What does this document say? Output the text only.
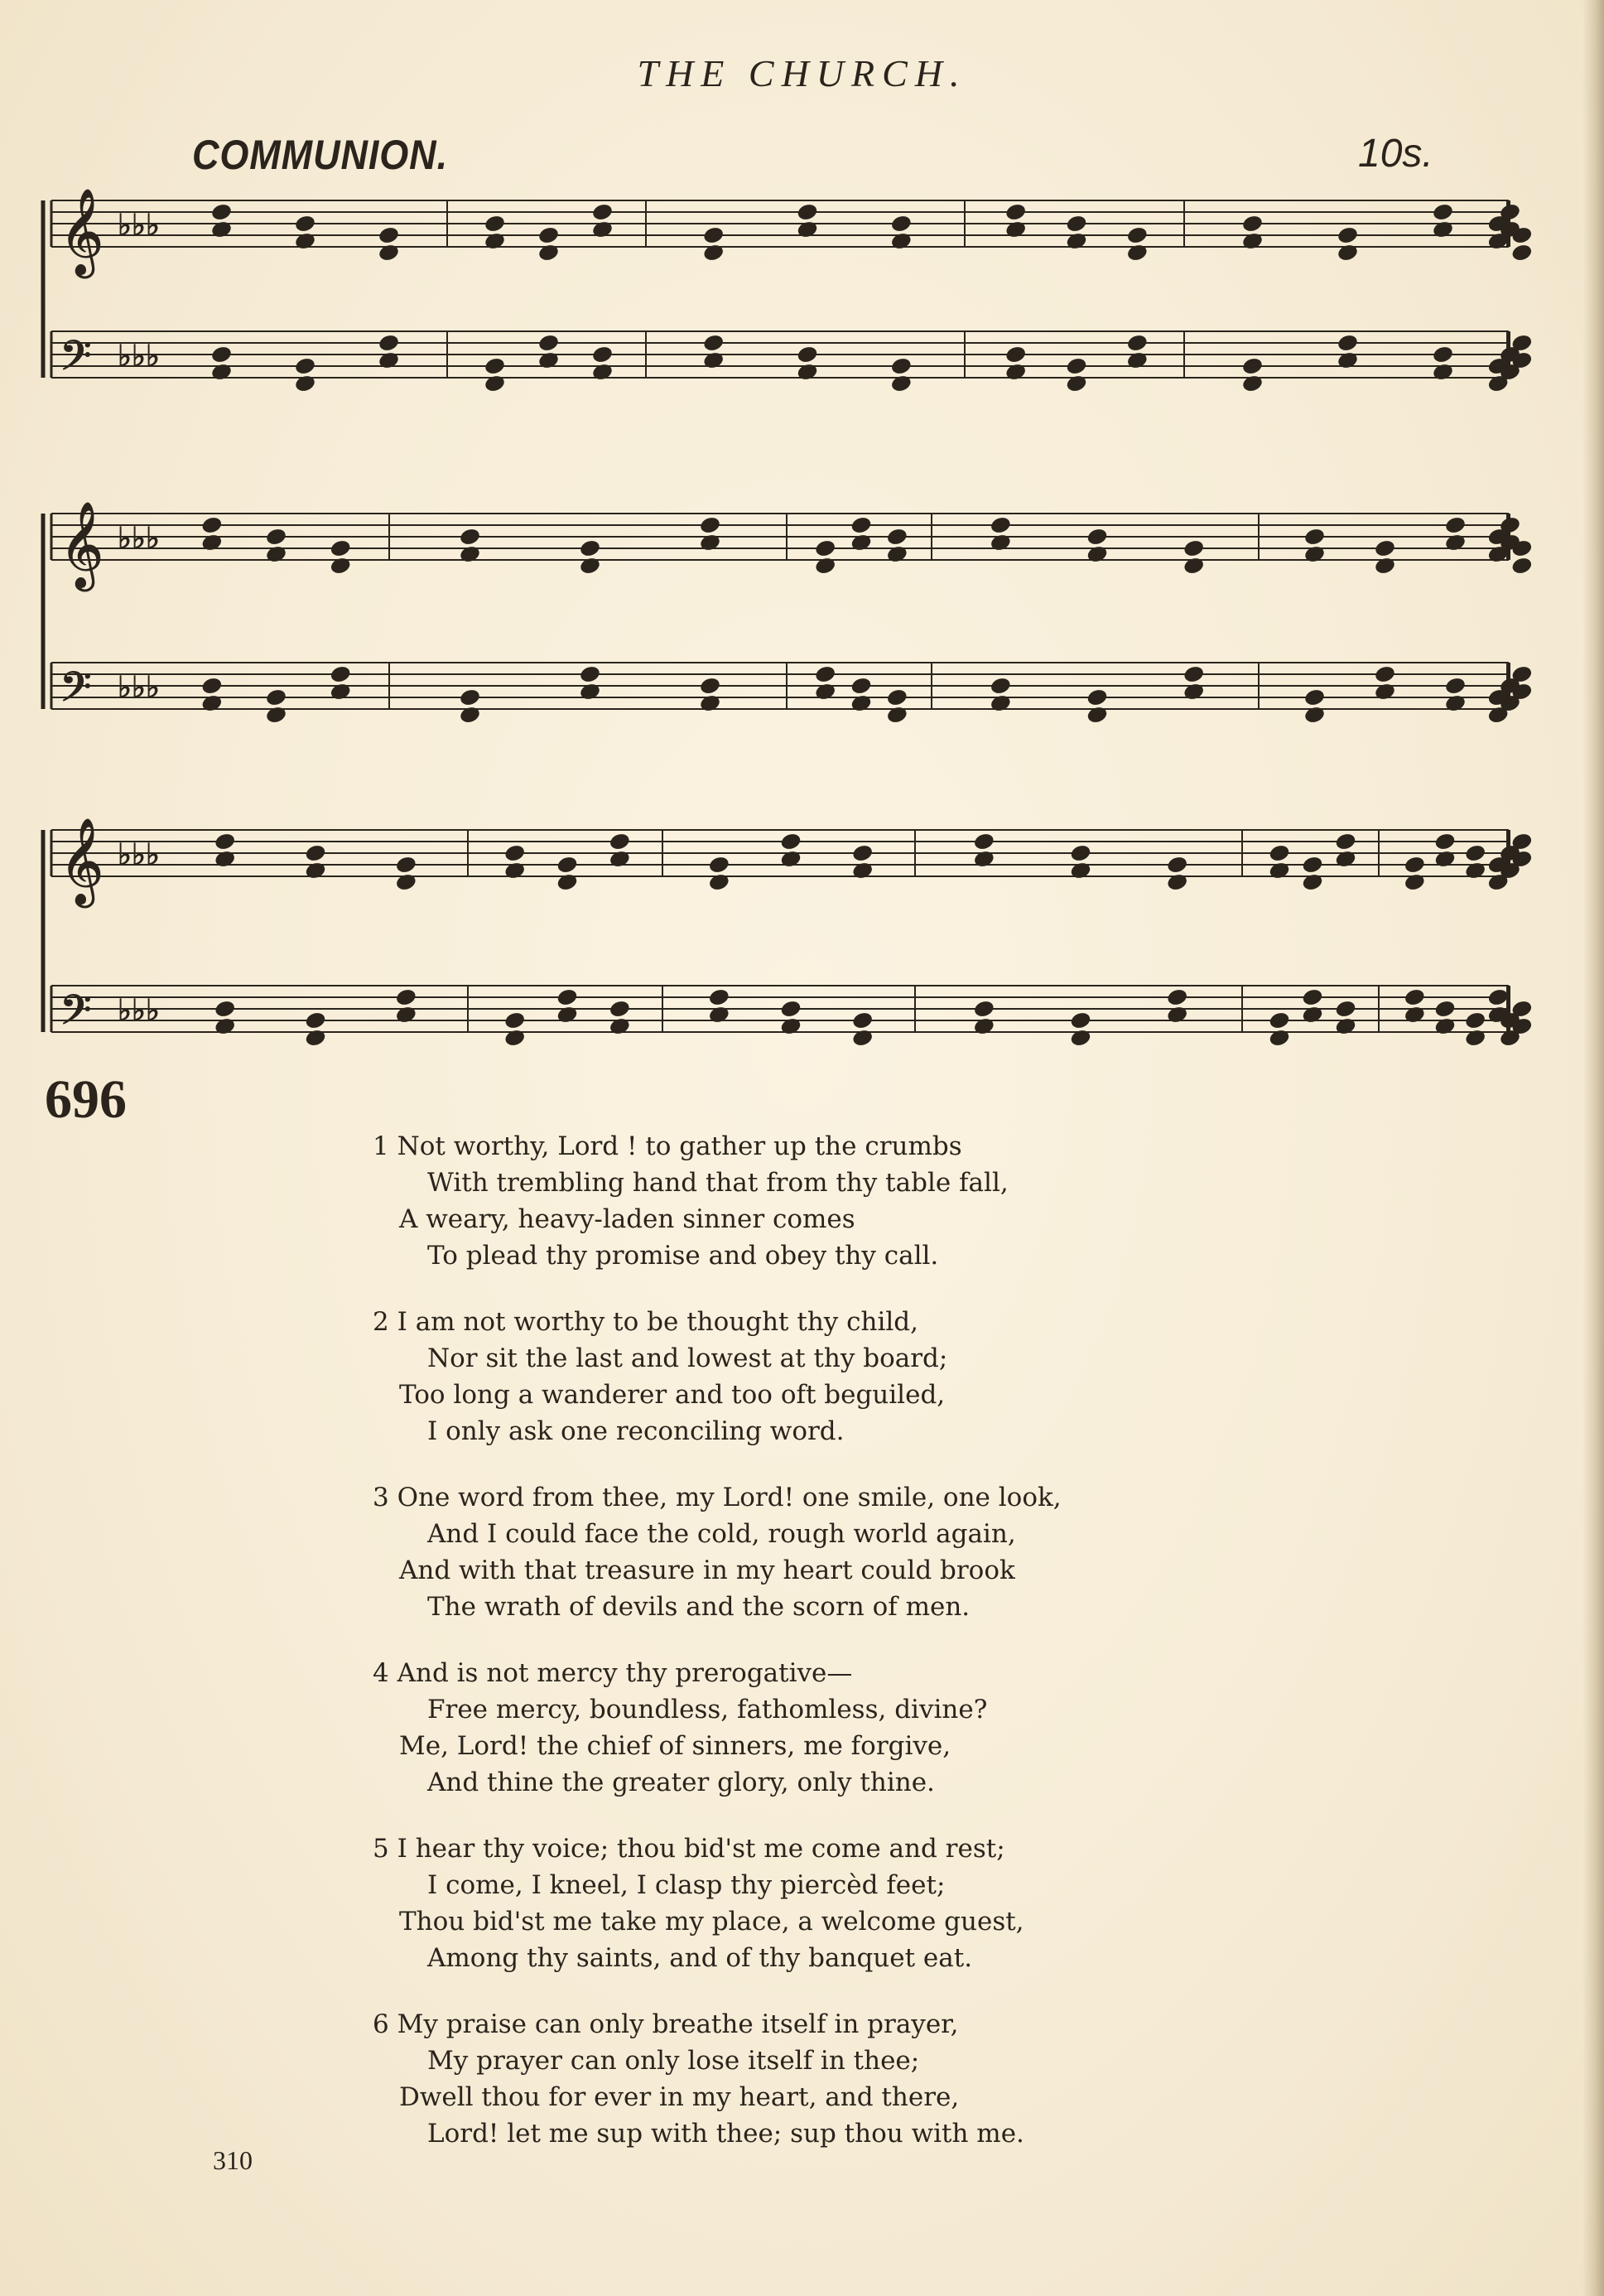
THE CHURCH.
COMMUNION.	10s.
𝄞 ♭♭♭
𝄢 ♭♭♭
𝄞 ♭♭♭
𝄢 ♭♭♭
𝄞 ♭♭♭
𝄢 ♭♭♭
696
1 Not worthy, Lord ! to gather up the crumbs
With trembling hand that from thy table fall,
A weary, heavy-laden sinner comes
To plead thy promise and obey thy call.
2 I am not worthy to be thought thy child,
Nor sit the last and lowest at thy board;
Too long a wanderer and too oft beguiled,
I only ask one reconciling word.
3 One word from thee, my Lord! one smile, one look,
And I could face the cold, rough world again,
And with that treasure in my heart could brook
The wrath of devils and the scorn of men.
4 And is not mercy thy prerogative—
Free mercy, boundless, fathomless, divine?
Me, Lord! the chief of sinners, me forgive,
And thine the greater glory, only thine.
5 I hear thy voice; thou bid'st me come and rest;
I come, I kneel, I clasp thy piercèd feet;
Thou bid'st me take my place, a welcome guest,
Among thy saints, and of thy banquet eat.
6 My praise can only breathe itself in prayer,
My prayer can only lose itself in thee;
Dwell thou for ever in my heart, and there,
Lord! let me sup with thee; sup thou with me.
310
